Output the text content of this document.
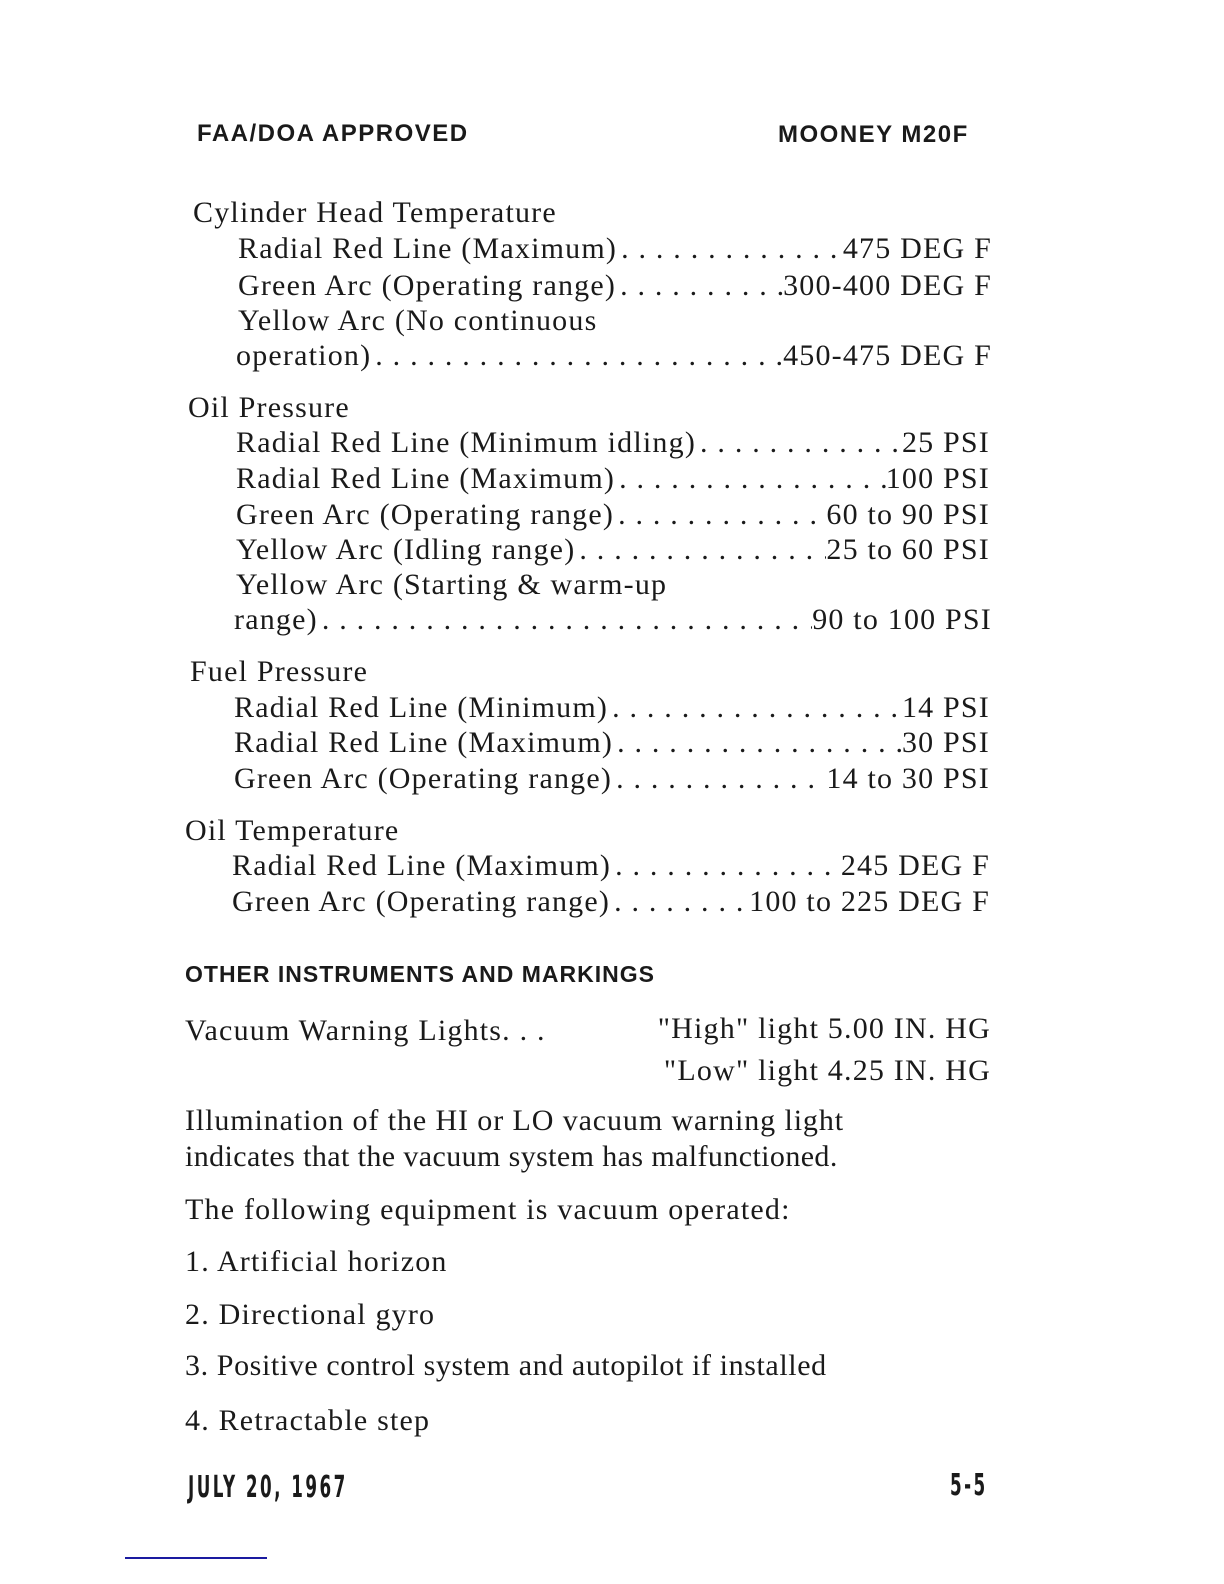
FAA/DOA APPROVED	MOONEY M20F
Cylinder Head Temperature
Radial Red Line (Maximum) . . .	475 DEG F
Green Arc (Operating range) . . .	300-400 DEG F
Yellow Arc (No continuous
operation) . . .	450-475 DEG F
Oil Pressure
Radial Red Line (Minimum idling) . . .	25 PSI
Radial Red Line (Maximum) . . .	100 PSI
Green Arc (Operating range) . . .	60 to 90 PSI
Yellow Arc (Idling range) . . .	25 to 60 PSI
Yellow Arc (Starting & warm-up
range) . . .	90 to 100 PSI
Fuel Pressure
Radial Red Line (Minimum) . . .	14 PSI
Radial Red Line (Maximum) . . .	30 PSI
Green Arc (Operating range) . . .	14 to 30 PSI
Oil Temperature
Radial Red Line (Maximum) . . .	245 DEG F
Green Arc (Operating range) . . .	100 to 225 DEG F
OTHER INSTRUMENTS AND MARKINGS
Vacuum Warning Lights. . .	"High" light 5.00 IN. HG
"Low" light 4.25 IN. HG
Illumination of the HI or LO vacuum warning light
indicates that the vacuum system has malfunctioned.
The following equipment is vacuum operated:
1. Artificial horizon
2. Directional gyro
3. Positive control system and autopilot if installed
4. Retractable step
JULY 20, 1967	5-5
